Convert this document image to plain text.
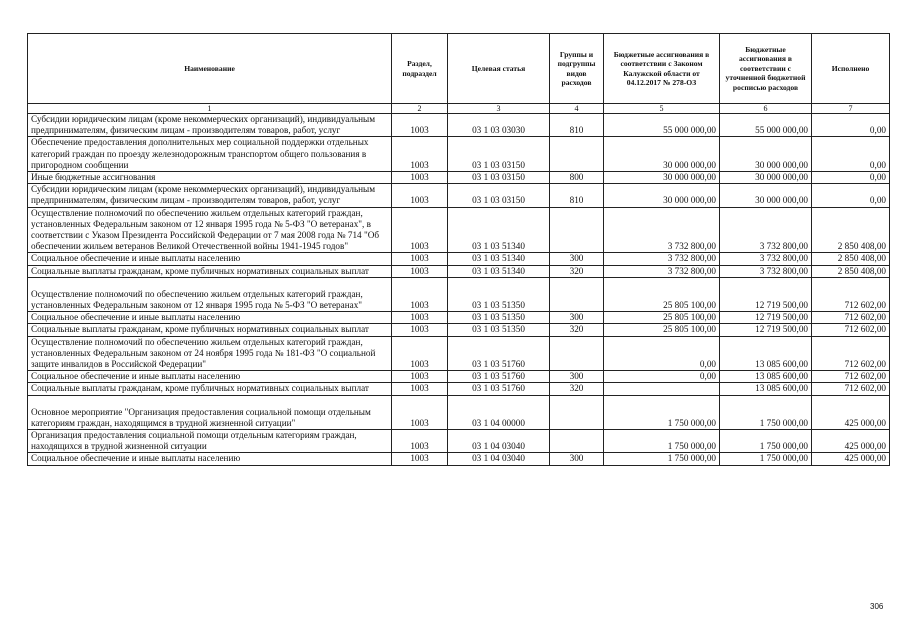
Наименование	Раздел, подраздел	Целевая статья	Группы и подгруппы видов расходов	Бюджетные ассигнования в соответствии с Законом Калужской области от 04.12.2017 № 278-ОЗ	Бюджетные ассигнования в соответствии с уточненной бюджетной росписью расходов	Исполнено
1	2	3	4	5	6	7
Субсидии юридическим лицам (кроме некоммерческих организаций), индивидуальным предпринимателям, физическим лицам - производителям товаров, работ, услуг	1003	03 1 03 03030	810	55 000 000,00	55 000 000,00	0,00
Обеспечение предоставления дополнительных мер социальной поддержки отдельных категорий граждан по проезду железнодорожным транспортом общего пользования в пригородном сообщении	1003	03 1 03 03150		30 000 000,00	30 000 000,00	0,00
Иные бюджетные ассигнования	1003	03 1 03 03150	800	30 000 000,00	30 000 000,00	0,00
Субсидии юридическим лицам (кроме некоммерческих организаций), индивидуальным предпринимателям, физическим лицам - производителям товаров, работ, услуг	1003	03 1 03 03150	810	30 000 000,00	30 000 000,00	0,00
Осуществление полномочий по обеспечению жильем отдельных категорий граждан, установленных Федеральным законом от 12 января 1995 года № 5-ФЗ "О ветеранах", в соответствии с Указом Президента Российской Федерации от 7 мая 2008 года № 714 "Об обеспечении жильем ветеранов Великой Отечественной войны 1941-1945 годов"	1003	03 1 03 51340		3 732 800,00	3 732 800,00	2 850 408,00
Социальное обеспечение и иные выплаты населению	1003	03 1 03 51340	300	3 732 800,00	3 732 800,00	2 850 408,00
Социальные выплаты гражданам, кроме публичных нормативных социальных выплат	1003	03 1 03 51340	320	3 732 800,00	3 732 800,00	2 850 408,00
Осуществление полномочий по обеспечению жильем отдельных категорий граждан, установленных Федеральным законом от 12 января 1995 года № 5-ФЗ "О ветеранах"	1003	03 1 03 51350		25 805 100,00	12 719 500,00	712 602,00
Социальное обеспечение и иные выплаты населению	1003	03 1 03 51350	300	25 805 100,00	12 719 500,00	712 602,00
Социальные выплаты гражданам, кроме публичных нормативных социальных выплат	1003	03 1 03 51350	320	25 805 100,00	12 719 500,00	712 602,00
Осуществление полномочий по обеспечению жильем отдельных категорий граждан, установленных Федеральным законом от 24 ноября 1995 года № 181-ФЗ "О социальной защите инвалидов в Российской Федерации"	1003	03 1 03 51760		0,00	13 085 600,00	712 602,00
Социальное обеспечение и иные выплаты населению	1003	03 1 03 51760	300	0,00	13 085 600,00	712 602,00
Социальные выплаты гражданам, кроме публичных нормативных социальных выплат	1003	03 1 03 51760	320		13 085 600,00	712 602,00
Основное мероприятие "Организация предоставления социальной помощи отдельным категориям граждан, находящимся в трудной жизненной ситуации"	1003	03 1 04 00000		1 750 000,00	1 750 000,00	425 000,00
Организация предоставления социальной помощи отдельным категориям граждан, находящихся в трудной жизненной ситуации	1003	03 1 04 03040		1 750 000,00	1 750 000,00	425 000,00
Социальное обеспечение и иные выплаты населению	1003	03 1 04 03040	300	1 750 000,00	1 750 000,00	425 000,00
306
